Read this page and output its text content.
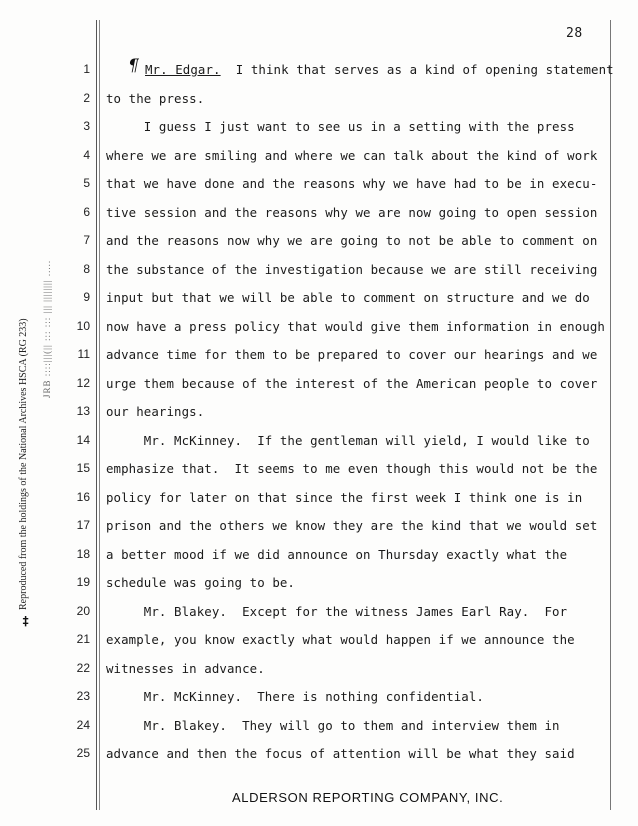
28
Reproduced from the holdings of the National Archives HSCA (RG 233) JRB ::::|||(|| ::: ::: ||| |||||||| .....
‡
¶
1
2
3
4
5
6
7
8
9
10
11
12
13
14
15
16
17
18
19
20
21
22
23
24
25
Mr. Edgar.  I think that serves as a kind of opening statement
to the press.
I guess I just want to see us in a setting with the press
where we are smiling and where we can talk about the kind of work
that we have done and the reasons why we have had to be in execu-
tive session and the reasons why we are now going to open session
and the reasons now why we are going to not be able to comment on
the substance of the investigation because we are still receiving
input but that we will be able to comment on structure and we do
now have a press policy that would give them information in enough
advance time for them to be prepared to cover our hearings and we
urge them because of the interest of the American people to cover
our hearings.
Mr. McKinney.  If the gentleman will yield, I would like to
emphasize that.  It seems to me even though this would not be the
policy for later on that since the first week I think one is in
prison and the others we know they are the kind that we would set
a better mood if we did announce on Thursday exactly what the
schedule was going to be.
Mr. Blakey.  Except for the witness James Earl Ray.  For
example, you know exactly what would happen if we announce the
witnesses in advance.
Mr. McKinney.  There is nothing confidential.
Mr. Blakey.  They will go to them and interview them in
advance and then the focus of attention will be what they said
ALDERSON REPORTING COMPANY, INC.
